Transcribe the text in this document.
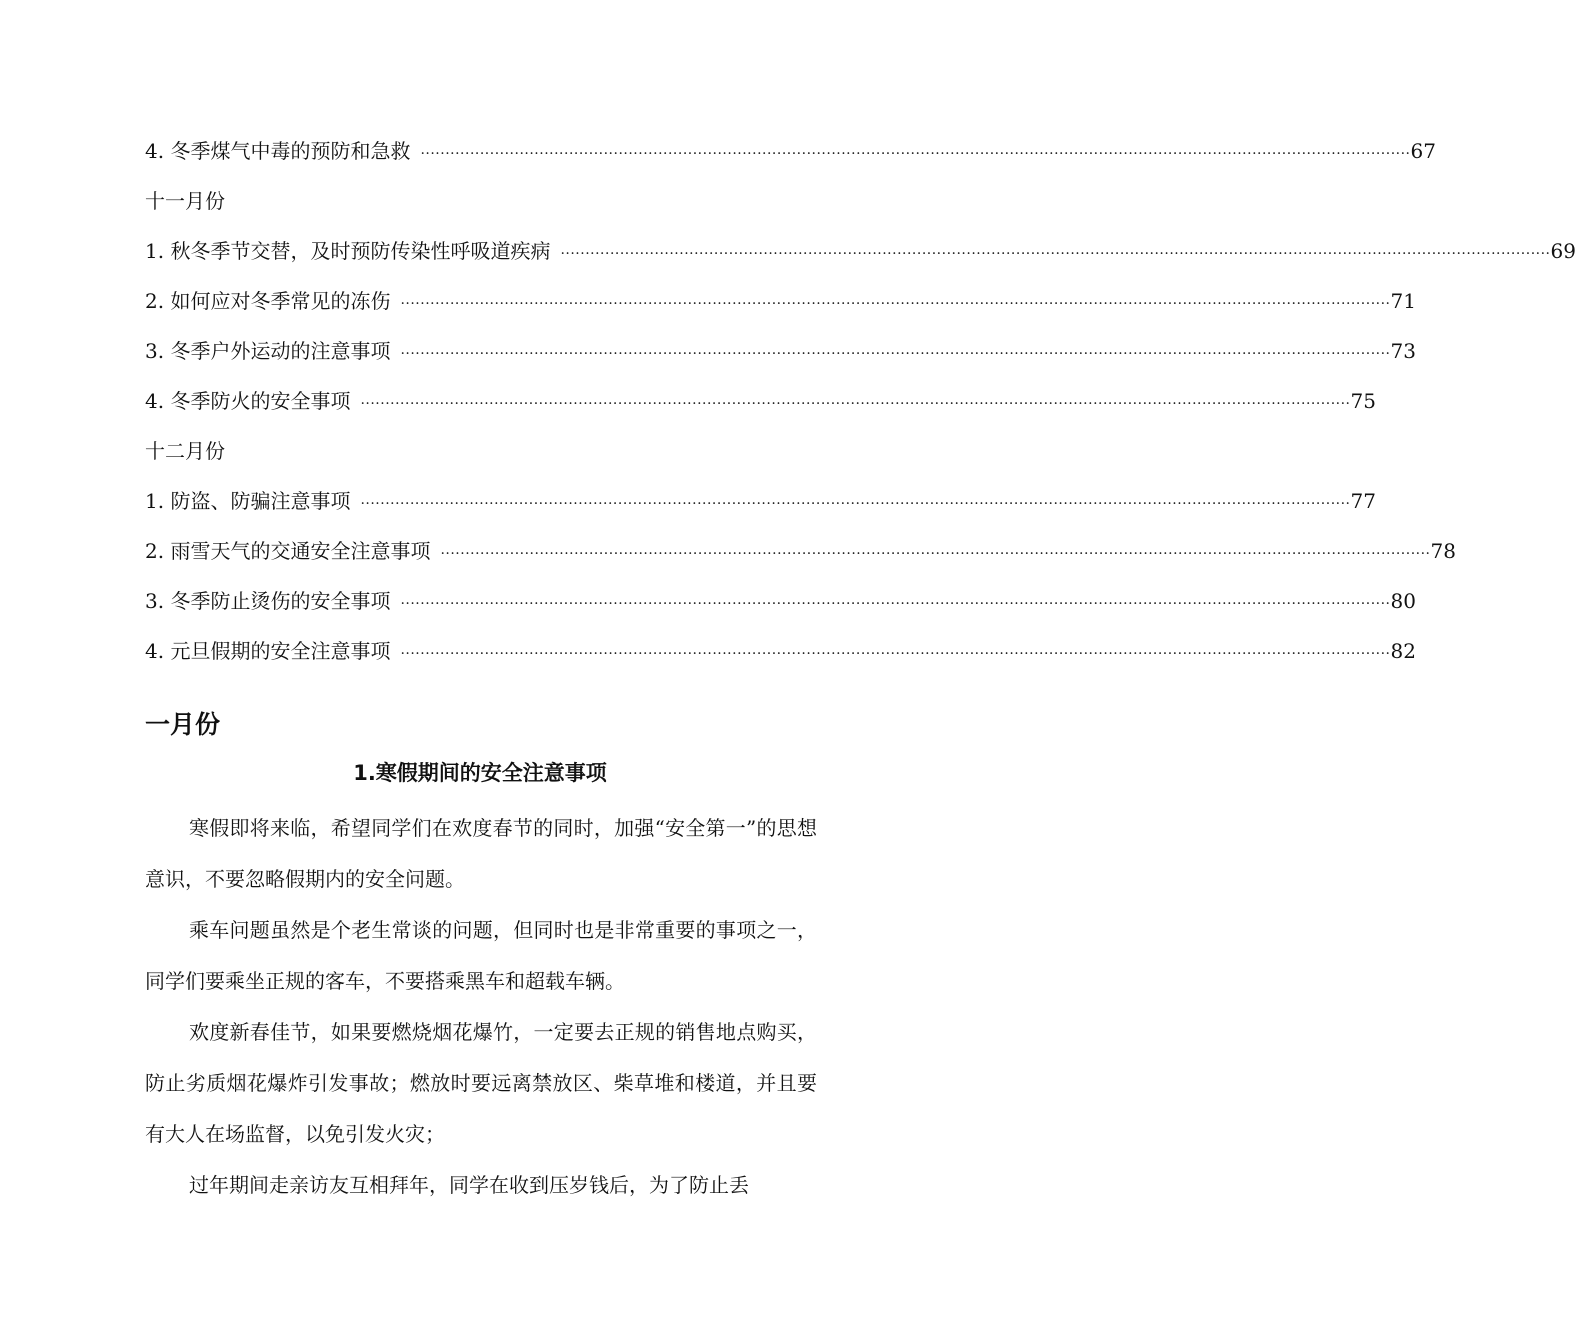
4. 冬季煤气中毒的预防和急救 ········································································································································································································ 67
十一月份
1. 秋冬季节交替，及时预防传染性呼吸道疾病 ········································································································································································································ 69
2. 如何应对冬季常见的冻伤 ········································································································································································································ 71
3. 冬季户外运动的注意事项 ········································································································································································································ 73
4. 冬季防火的安全事项 ········································································································································································································ 75
十二月份
1. 防盗、防骗注意事项 ········································································································································································································ 77
2. 雨雪天气的交通安全注意事项 ········································································································································································································ 78
3. 冬季防止烫伤的安全事项 ········································································································································································································ 80
4. 元旦假期的安全注意事项 ········································································································································································································ 82
一月份
1.寒假期间的安全注意事项

寒假即将来临，希望同学们在欢度春节的同时，加强“安全第一”的思想意识，不要忽略假期内的安全问题。

乘车问题虽然是个老生常谈的问题，但同时也是非常重要的事项之一，同学们要乘坐正规的客车，不要搭乘黑车和超载车辆。

欢度新春佳节，如果要燃烧烟花爆竹，一定要去正规的销售地点购买，防止劣质烟花爆炸引发事故；燃放时要远离禁放区、柴草堆和楼道，并且要有大人在场监督，以免引发火灾；

过年期间走亲访友互相拜年，同学在收到压岁钱后，为了防止丢
